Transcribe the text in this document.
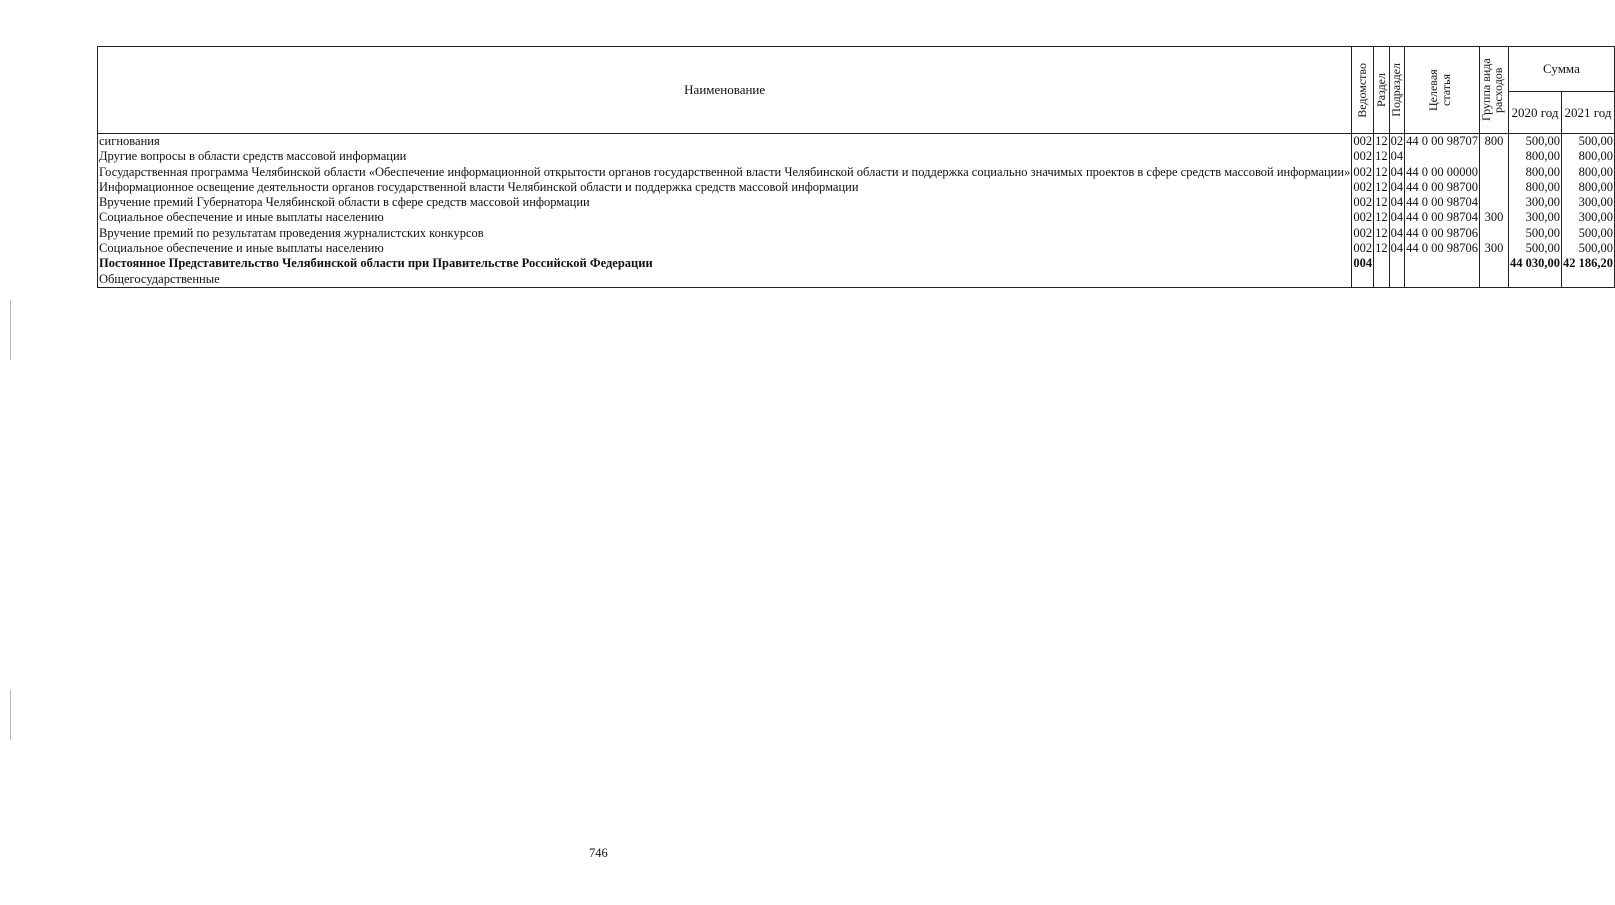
Наименование	Ведомство	Раздел	Подраздел	Целевая статья	Группа вида расходов	Сумма	
						2020 год	2021 год
сигнования	002	12	02	44 0 00 98707	800	500,00	500,00
Другие вопросы в области средств массовой информации	002	12	04			800,00	800,00
Государственная программа Челябинской области «Обеспечение информационной открытости органов государственной власти Челябинской области и поддержка социально значимых проектов в сфере средств массовой информации»	002	12	04	44 0 00 00000		800,00	800,00
Информационное освещение деятельности органов государственной власти Челябинской области и поддержка средств массовой информации	002	12	04	44 0 00 98700		800,00	800,00
Вручение премий Губернатора Челябинской области в сфере средств массовой информации	002	12	04	44 0 00 98704		300,00	300,00
Социальное обеспечение и иные выплаты населению	002	12	04	44 0 00 98704	300	300,00	300,00
Вручение премий по результатам проведения журналистских конкурсов	002	12	04	44 0 00 98706		500,00	500,00
Социальное обеспечение и иные выплаты населению	002	12	04	44 0 00 98706	300	500,00	500,00
Постоянное Представительство Челябинской области при Правительстве Российской Федерации	004					44 030,00	42 186,20
Общегосударственные							
746
